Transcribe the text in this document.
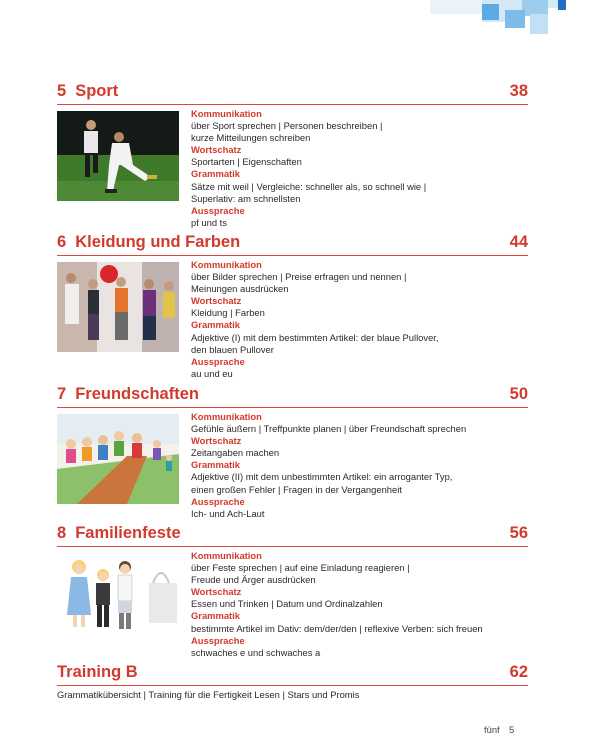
5 Sport	38
Kommunikation
über Sport sprechen | Personen beschreiben |
kurze Mitteilungen schreiben
Wortschatz
Sportarten | Eigenschaften
Grammatik
Sätze mit weil | Vergleiche: schneller als, so schnell wie |
Superlativ: am schnellsten
Aussprache
pf und ts
6 Kleidung und Farben	44
Kommunikation
über Bilder sprechen | Preise erfragen und nennen |
Meinungen ausdrücken
Wortschatz
Kleidung | Farben
Grammatik
Adjektive (I) mit dem bestimmten Artikel: der blaue Pullover,
den blauen Pullover
Aussprache
au und eu
7 Freundschaften	50
Kommunikation
Gefühle äußern | Treffpunkte planen | über Freundschaft sprechen
Wortschatz
Zeitangaben machen
Grammatik
Adjektive (II) mit dem unbestimmten Artikel: ein arroganter Typ,
einen großen Fehler | Fragen in der Vergangenheit
Aussprache
Ich- und Ach-Laut
8 Familienfeste	56
Kommunikation
über Feste sprechen | auf eine Einladung reagieren |
Freude und Ärger ausdrücken
Wortschatz
Essen und Trinken | Datum und Ordinalzahlen
Grammatik
bestimmte Artikel im Dativ: dem/der/den | reflexive Verben: sich freuen
Aussprache
schwaches e und schwaches a
Training B	62
Grammatikübersicht | Training für die Fertigkeit Lesen | Stars und Promis
fünf 5
